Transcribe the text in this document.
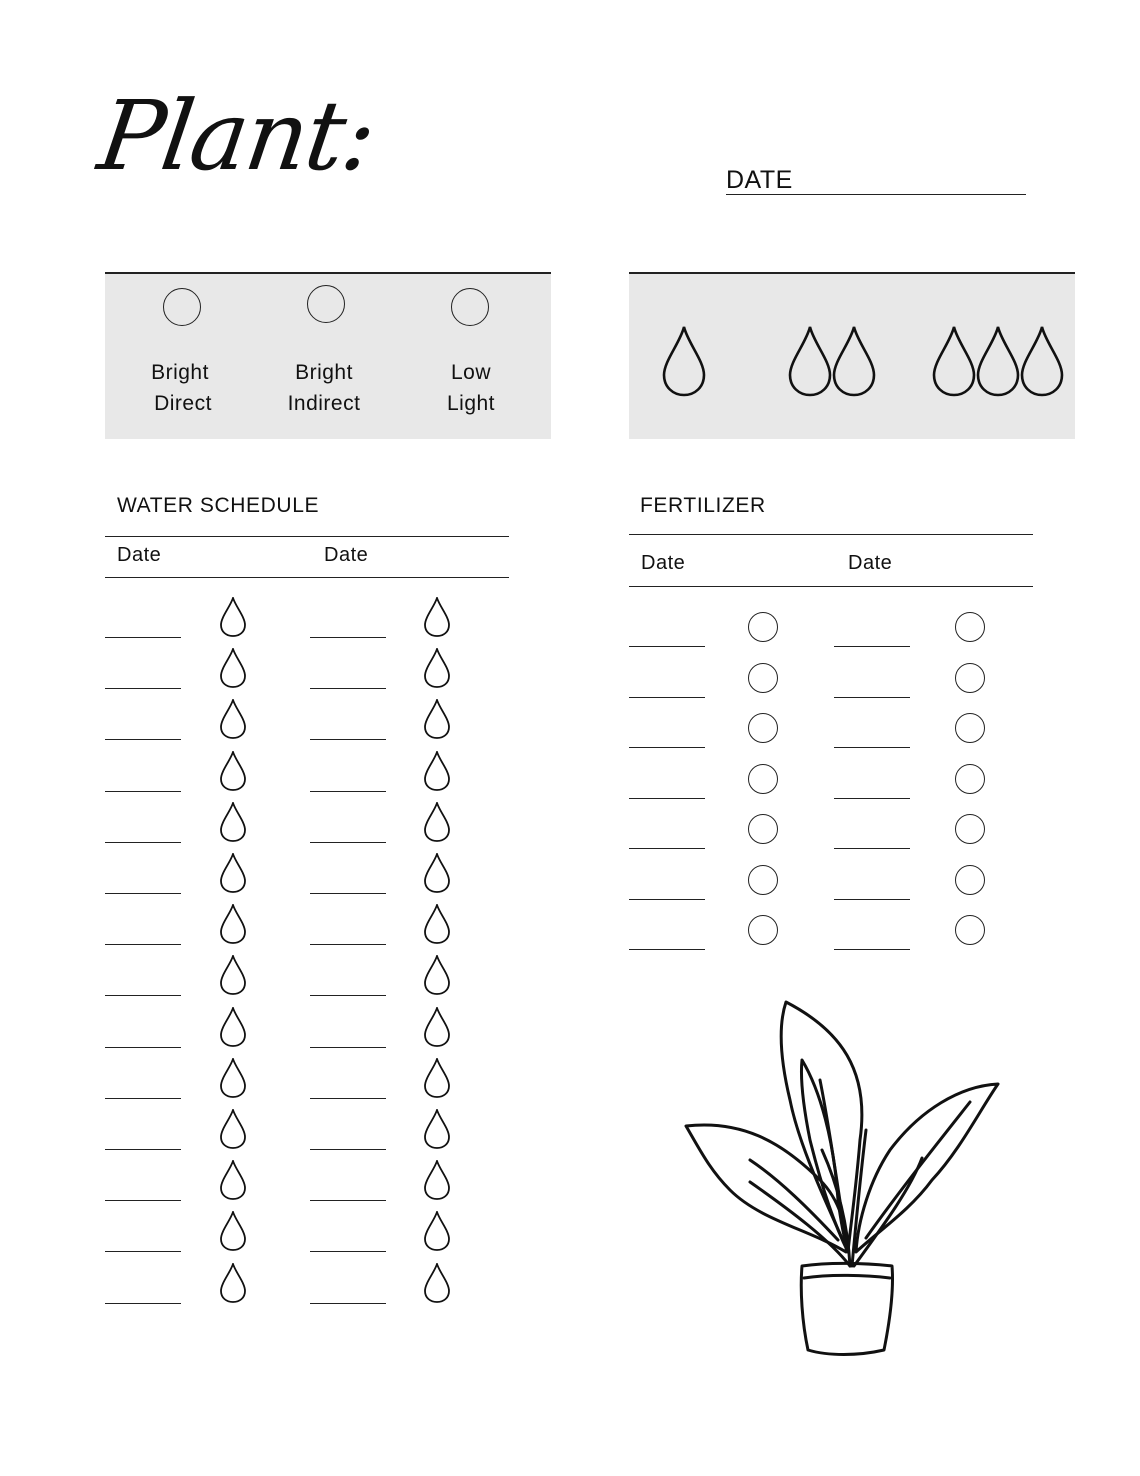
Plant:	DATE
Bright
Direct
Bright
Indirect
Low
Light
WATER SCHEDULE
Date	Date
FERTILIZER
Date	Date
